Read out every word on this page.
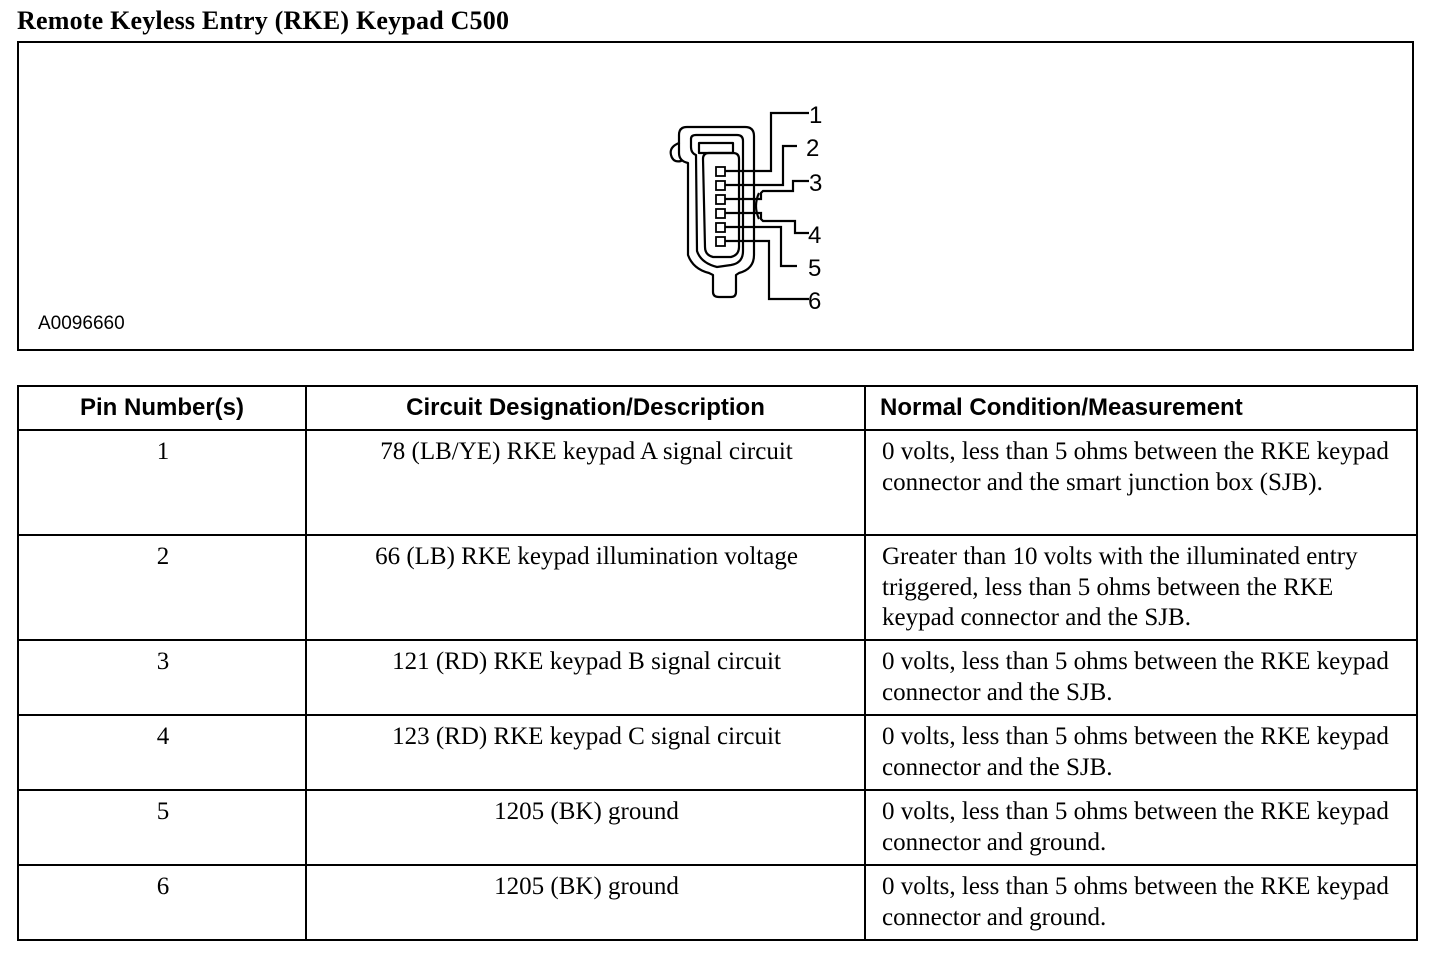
Remote Keyless Entry (RKE) Keypad C500
1
2
3
4
5
6
A0096660
Pin Number(s)	Circuit Designation/Description	Normal Condition/Measurement
1	78 (LB/YE) RKE keypad A signal circuit	0 volts, less than 5 ohms between the RKE keypad connector and the smart junction box (SJB).
2	66 (LB) RKE keypad illumination voltage	Greater than 10 volts with the illuminated entry triggered, less than 5 ohms between the RKE keypad connector and the SJB.
3	121 (RD) RKE keypad B signal circuit	0 volts, less than 5 ohms between the RKE keypad connector and the SJB.
4	123 (RD) RKE keypad C signal circuit	0 volts, less than 5 ohms between the RKE keypad connector and the SJB.
5	1205 (BK) ground	0 volts, less than 5 ohms between the RKE keypad connector and ground.
6	1205 (BK) ground	0 volts, less than 5 ohms between the RKE keypad connector and ground.
